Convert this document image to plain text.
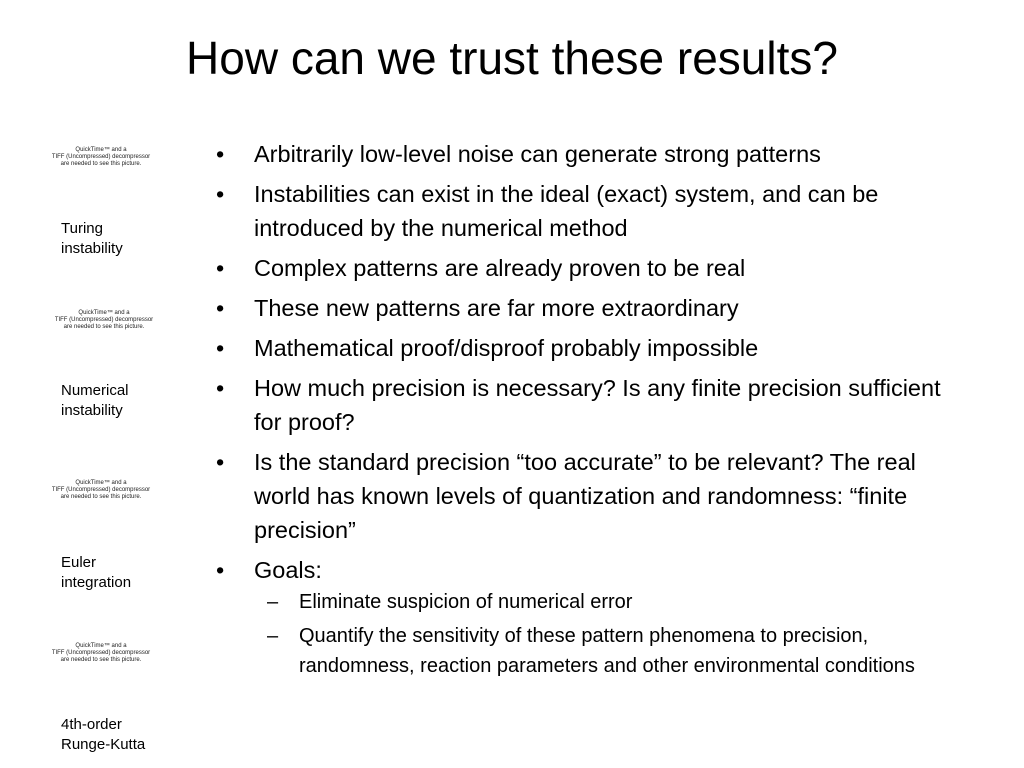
How can we trust these results?
QuickTime™ and a
TIFF (Uncompressed) decompressor
are needed to see this picture.
Turing
instability
QuickTime™ and a
TIFF (Uncompressed) decompressor
are needed to see this picture.
Numerical
instability
QuickTime™ and a
TIFF (Uncompressed) decompressor
are needed to see this picture.
Euler
integration
QuickTime™ and a
TIFF (Uncompressed) decompressor
are needed to see this picture.
4th-order
Runge-Kutta
• Arbitrarily low-level noise can generate strong patterns
• Instabilities can exist in the ideal (exact) system, and can be introduced by the numerical method
• Complex patterns are already proven to be real
• These new patterns are far more extraordinary
• Mathematical proof/disproof probably impossible
• How much precision is necessary? Is any finite precision sufficient for proof?
• Is the standard precision “too accurate” to be relevant? The real world has known levels of quantization and randomness: “finite precision”
• Goals:
– Eliminate suspicion of numerical error
– Quantify the sensitivity of these pattern phenomena to precision, randomness, reaction parameters and other environmental conditions
